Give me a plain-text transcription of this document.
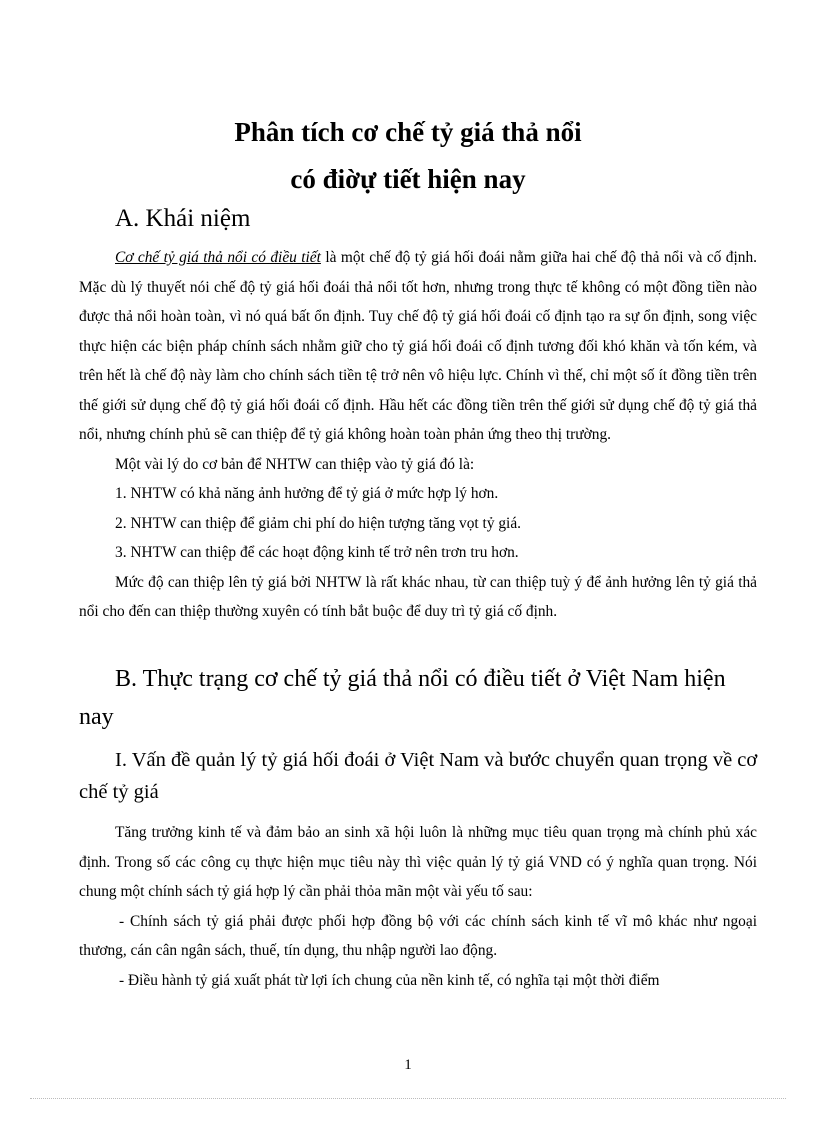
Phân tích cơ chế tỷ giá thả nổi
có điờự tiết hiện nay
A. Khái niệm

Cơ chế tỷ giá thả nổi có điều tiết là một chế độ tỷ giá hối đoái nằm giữa hai chế độ thả nổi và cố định. Mặc dù lý thuyết nói chế độ tỷ giá hối đoái thả nổi tốt hơn, nhưng trong thực tế không có một đồng tiền nào được thả nổi hoàn toàn, vì nó quá bất ổn định. Tuy chế độ tỷ giá hối đoái cố định tạo ra sự ổn định, song việc thực hiện các biện pháp chính sách nhằm giữ cho tỷ giá hối đoái cố định tương đối khó khăn và tốn kém, và trên hết là chế độ này làm cho chính sách tiền tệ trở nên vô hiệu lực. Chính vì thế, chỉ một số ít đồng tiền trên thế giới sử dụng chế độ tỷ giá hối đoái cố định. Hầu hết các đồng tiền trên thế giới sử dụng chế độ tỷ giá thả nổi, nhưng chính phủ sẽ can thiệp để tỷ giá không hoàn toàn phản ứng theo thị trường.

Một vài lý do cơ bản để NHTW can thiệp vào tỷ giá đó là:

1. NHTW có khả năng ảnh hưởng để tỷ giá ở mức hợp lý hơn.

2. NHTW can thiệp để giảm chi phí do hiện tượng tăng vọt tỷ giá.

3. NHTW can thiệp để các hoạt động kinh tế trở nên trơn tru hơn.

Mức độ can thiệp lên tỷ giá bởi NHTW là rất khác nhau, từ can thiệp tuỳ ý để ảnh hưởng lên tỷ giá thả nổi cho đến can thiệp thường xuyên có tính bắt buộc để duy trì tỷ giá cố định.

B. Thực trạng cơ chế tỷ giá thả nổi có điều tiết ở Việt Nam hiện nay
I. Vấn đề quản lý tỷ giá hối đoái ở Việt Nam và bước chuyển quan trọng về cơ chế tỷ giá

Tăng trưởng kinh tế và đảm bảo an sinh xã hội luôn là những mục tiêu quan trọng mà chính phủ xác định. Trong số các công cụ thực hiện mục tiêu này thì việc quản lý tỷ giá VND có ý nghĩa quan trọng. Nói chung một chính sách tỷ giá hợp lý cần phải thỏa mãn một vài yếu tố sau:

- Chính sách tỷ giá phải được phối hợp đồng bộ với các chính sách kinh tế vĩ mô khác như ngoại thương, cán cân ngân sách, thuế, tín dụng, thu nhập người lao động.

- Điều hành tỷ giá xuất phát từ lợi ích chung của nền kinh tế, có nghĩa tại một thời điểm

1
